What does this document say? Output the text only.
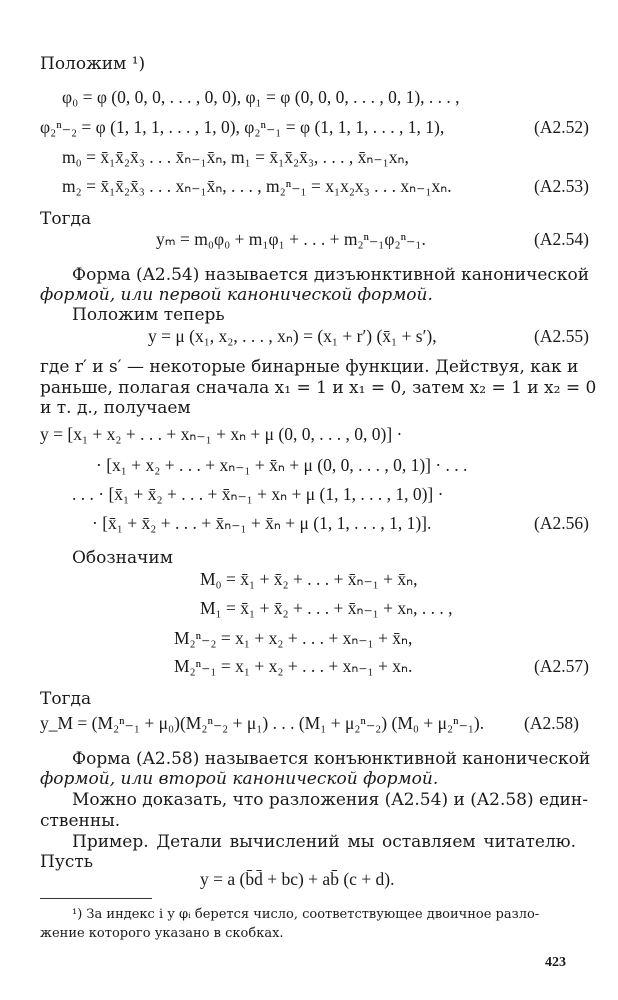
Положим ¹)
φ₀ = φ (0, 0, 0, . . . , 0, 0), φ₁ = φ (0, 0, 0, . . . , 0, 1), . . . ,
φ₂ⁿ₋₂ = φ (1, 1, 1, . . . , 1, 0), φ₂ⁿ₋₁ = φ (1, 1, 1, . . . , 1, 1),	(A2.52)
m₀ = x̄₁x̄₂x̄₃ . . . x̄ₙ₋₁x̄ₙ, m₁ = x̄₁x̄₂x̄₃, . . . , x̄ₙ₋₁xₙ,
m₂ = x̄₁x̄₂x̄₃ . . . xₙ₋₁x̄ₙ, . . . , m₂ⁿ₋₁ = x₁x₂x₃ . . . xₙ₋₁xₙ.	(A2.53)
Тогда
yₘ = m₀φ₀ + m₁φ₁ + . . . + m₂ⁿ₋₁φ₂ⁿ₋₁.	(A2.54)
Форма (A2.54) называется дизъюнктивной канонической
формой, или первой канонической формой.
Положим теперь
y = μ (x₁, x₂, . . . , xₙ) = (x₁ + r′) (x̄₁ + s′),	(A2.55)
где r′ и s′ — некоторые бинарные функции. Действуя, как и
раньше, полагая сначала x₁ = 1 и x₁ = 0, затем x₂ = 1 и x₂ = 0
и т. д., получаем
y = [x₁ + x₂ + . . . + xₙ₋₁ + xₙ + μ (0, 0, . . . , 0, 0)] ·
· [x₁ + x₂ + . . . + xₙ₋₁ + x̄ₙ + μ (0, 0, . . . , 0, 1)] · . . .
. . . · [x̄₁ + x̄₂ + . . . + x̄ₙ₋₁ + xₙ + μ (1, 1, . . . , 1, 0)] ·
· [x̄₁ + x̄₂ + . . . + x̄ₙ₋₁ + x̄ₙ + μ (1, 1, . . . , 1, 1)].	(A2.56)
Обозначим
M₀ = x̄₁ + x̄₂ + . . . + x̄ₙ₋₁ + x̄ₙ,
M₁ = x̄₁ + x̄₂ + . . . + x̄ₙ₋₁ + xₙ, . . . ,
M₂ⁿ₋₂ = x₁ + x₂ + . . . + xₙ₋₁ + x̄ₙ,
M₂ⁿ₋₁ = x₁ + x₂ + . . . + xₙ₋₁ + xₙ.	(A2.57)
Тогда
y_M = (M₂ⁿ₋₁ + μ₀)(M₂ⁿ₋₂ + μ₁) . . . (M₁ + μ₂ⁿ₋₂) (M₀ + μ₂ⁿ₋₁). (A2.58)
Форма (A2.58) называется конъюнктивной канонической
формой, или второй канонической формой.
Можно доказать, что разложения (A2.54) и (A2.58) един-
ственны.
Пример. Детали вычислений мы оставляем читателю.
Пусть
y = a (b̄d̄ + bc) + ab̄ (c + d).
¹) За индекс i у φᵢ берется число, соответствующее двоичное разло-
жение которого указано в скобках.
423
